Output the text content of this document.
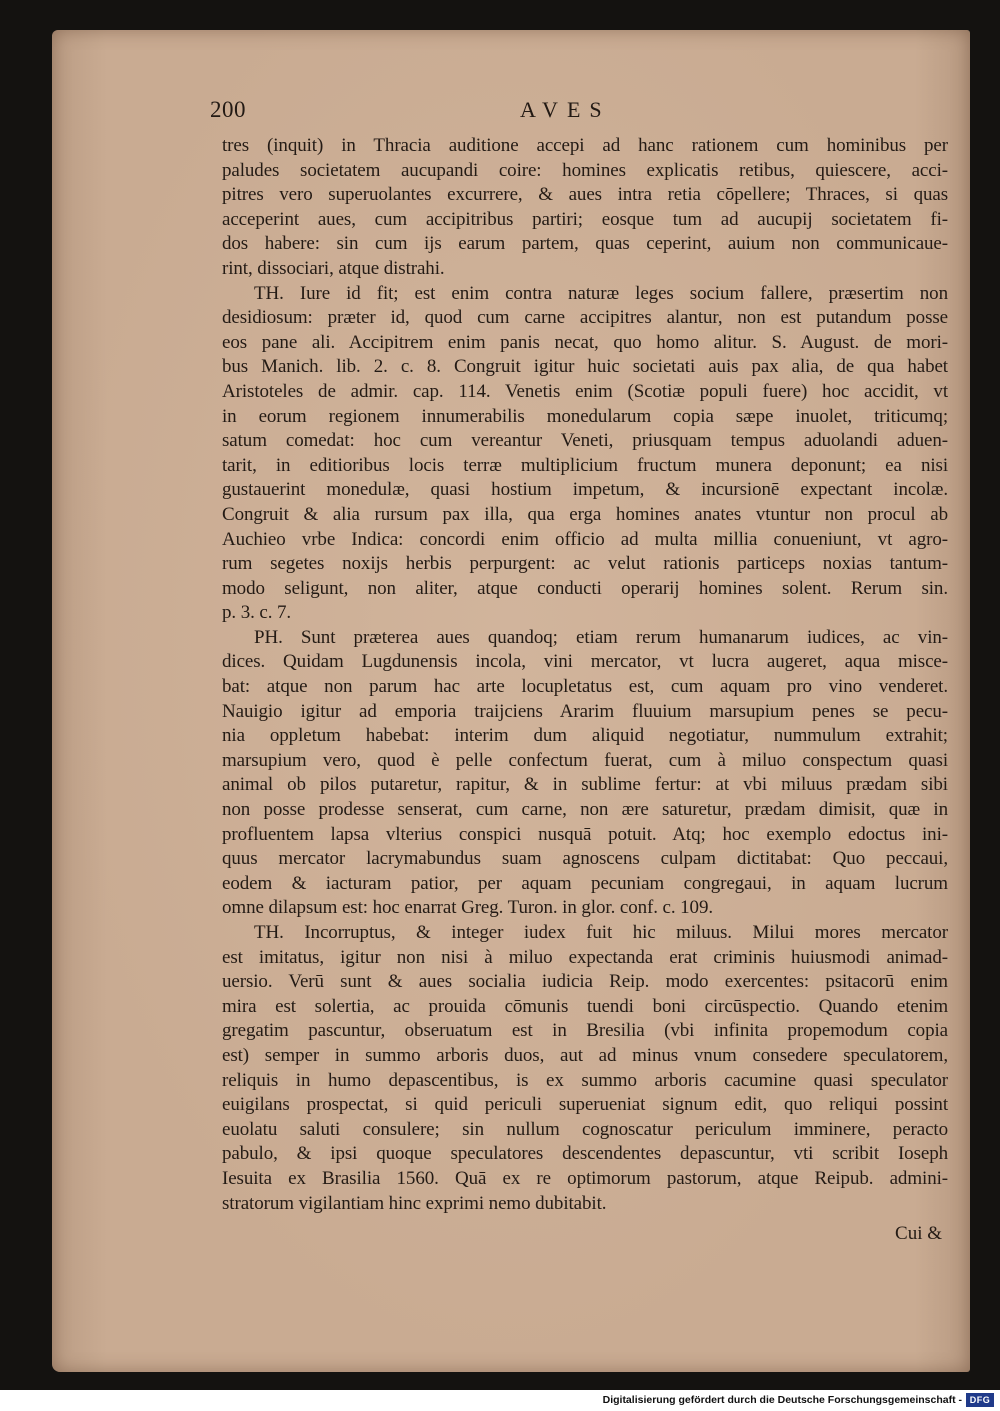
200	AVES
tres (inquit) in Thracia auditione accepi ad hanc rationem cum hominibus per
paludes societatem aucupandi coire: homines explicatis retibus, quiescere, acci-
pitres vero superuolantes excurrere, & aues intra retia cōpellere; Thraces, si quas
acceperint aues, cum accipitribus partiri; eosque tum ad aucupij societatem fi-
dos habere: sin cum ijs earum partem, quas ceperint, auium non communicaue-
rint, dissociari, atque distrahi.
TH. Iure id fit; est enim contra naturæ leges socium fallere, præsertim non
desidiosum: præter id, quod cum carne accipitres alantur, non est putandum posse
eos pane ali. Accipitrem enim panis necat, quo homo alitur. S. August. de mori-
bus Manich. lib. 2. c. 8. Congruit igitur huic societati auis pax alia, de qua habet
Aristoteles de admir. cap. 114. Venetis enim (Scotiæ populi fuere) hoc accidit, vt
in eorum regionem innumerabilis monedularum copia sæpe inuolet, triticumq;
satum comedat: hoc cum vereantur Veneti, priusquam tempus aduolandi aduen-
tarit, in editioribus locis terræ multiplicium fructum munera deponunt; ea nisi
gustauerint monedulæ, quasi hostium impetum, & incursionē expectant incolæ.
Congruit & alia rursum pax illa, qua erga homines anates vtuntur non procul ab
Auchieo vrbe Indica: concordi enim officio ad multa millia conueniunt, vt agro-
rum segetes noxijs herbis perpurgent: ac velut rationis particeps noxias tantum-
modo seligunt, non aliter, atque conducti operarij homines solent. Rerum sin.
p. 3. c. 7.
PH. Sunt præterea aues quandoq; etiam rerum humanarum iudices, ac vin-
dices. Quidam Lugdunensis incola, vini mercator, vt lucra augeret, aqua misce-
bat: atque non parum hac arte locupletatus est, cum aquam pro vino venderet.
Nauigio igitur ad emporia traijciens Ararim fluuium marsupium penes se pecu-
nia oppletum habebat: interim dum aliquid negotiatur, nummulum extrahit;
marsupium vero, quod è pelle confectum fuerat, cum à miluo conspectum quasi
animal ob pilos putaretur, rapitur, & in sublime fertur: at vbi miluus prædam sibi
non posse prodesse senserat, cum carne, non ære saturetur, prædam dimisit, quæ in
profluentem lapsa vlterius conspici nusquā potuit. Atq; hoc exemplo edoctus ini-
quus mercator lacrymabundus suam agnoscens culpam dictitabat: Quo peccaui,
eodem & iacturam patior, per aquam pecuniam congregaui, in aquam lucrum
omne dilapsum est: hoc enarrat Greg. Turon. in glor. conf. c. 109.
TH. Incorruptus, & integer iudex fuit hic miluus. Milui mores mercator
est imitatus, igitur non nisi à miluo expectanda erat criminis huiusmodi animad-
uersio. Verū sunt & aues socialia iudicia Reip. modo exercentes: psitacorū enim
mira est solertia, ac prouida cōmunis tuendi boni circūspectio. Quando etenim
gregatim pascuntur, obseruatum est in Bresilia (vbi infinita propemodum copia
est) semper in summo arboris duos, aut ad minus vnum consedere speculatorem,
reliquis in humo depascentibus, is ex summo arboris cacumine quasi speculator
euigilans prospectat, si quid periculi superueniat signum edit, quo reliqui possint
euolatu saluti consulere; sin nullum cognoscatur periculum imminere, peracto
pabulo, & ipsi quoque speculatores descendentes depascuntur, vti scribit Ioseph
Iesuita ex Brasilia 1560. Quā ex re optimorum pastorum, atque Reipub. admini-
stratorum vigilantiam hinc exprimi nemo dubitabit.
Cui &
Digitalisierung gefördert durch die Deutsche Forschungsgemeinschaft - DFG
